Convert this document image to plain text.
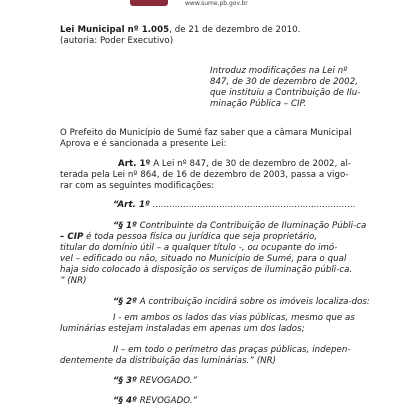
www.sume.pb.gov.br
Lei Municipal nº 1.005, de 21 de dezembro de 2010.
(autoria: Poder Executivo)
Introduz modificações na Lei nº
847, de 30 de dezembro de 2002,
que instituiu a Contribuição de Ilu-
minação Pública – CIP.
O Prefeito do Município de Sumé faz saber que a câmara Municipal
Aprova e é sancionada a presente Lei:
Art. 1º A Lei nº 847, de 30 de dezembro de 2002, al-
terada pela Lei nº 864, de 16 de dezembro de 2003, passa a vigo-
rar com as seguintes modificações:
“Art. 1º .........................................................................
“§ 1º Contribuinte da Contribuição de Iluminação Públi-ca
– CIP é toda pessoa física ou jurídica que seja proprietário,
titular do domínio útil – a qualquer título -, ou ocupante do imó-
vel – edificado ou não, situado no Município de Sumé, para o qual
haja sido colocado à disposição os serviços de iluminação públi-ca.
” (NR)
“§ 2º A contribuição incidirá sobre os imóveis localiza-dos:
I - em ambos os lados das vias públicas, mesmo que as
luminárias estejam instaladas em apenas um dos lados;
II – em todo o perímetro das praças públicas, indepen-
dentemente da distribuição das luminárias.” (NR)
“§ 3º REVOGADO.”
“§ 4º REVOGADO.”
